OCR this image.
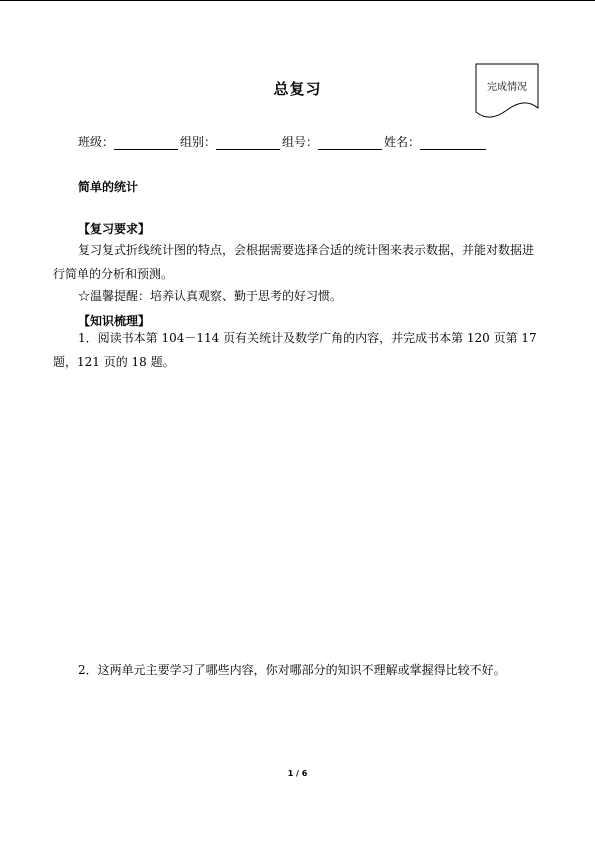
总复习	完成情况
班级：	组别：	组号：	姓名：
简单的统计
【复习要求】

复习复式折线统计图的特点，会根据需要选择合适的统计图来表示数据，并能对数据进行简单的分析和预测。

☆温馨提醒：培养认真观察、勤于思考的好习惯。

【知识梳理】

1．阅读书本第 104－114 页有关统计及数学广角的内容，并完成书本第 120 页第 17 题，121 页的 18 题。

2．这两单元主要学习了哪些内容，你对哪部分的知识不理解或掌握得比较不好。

1 / 6
